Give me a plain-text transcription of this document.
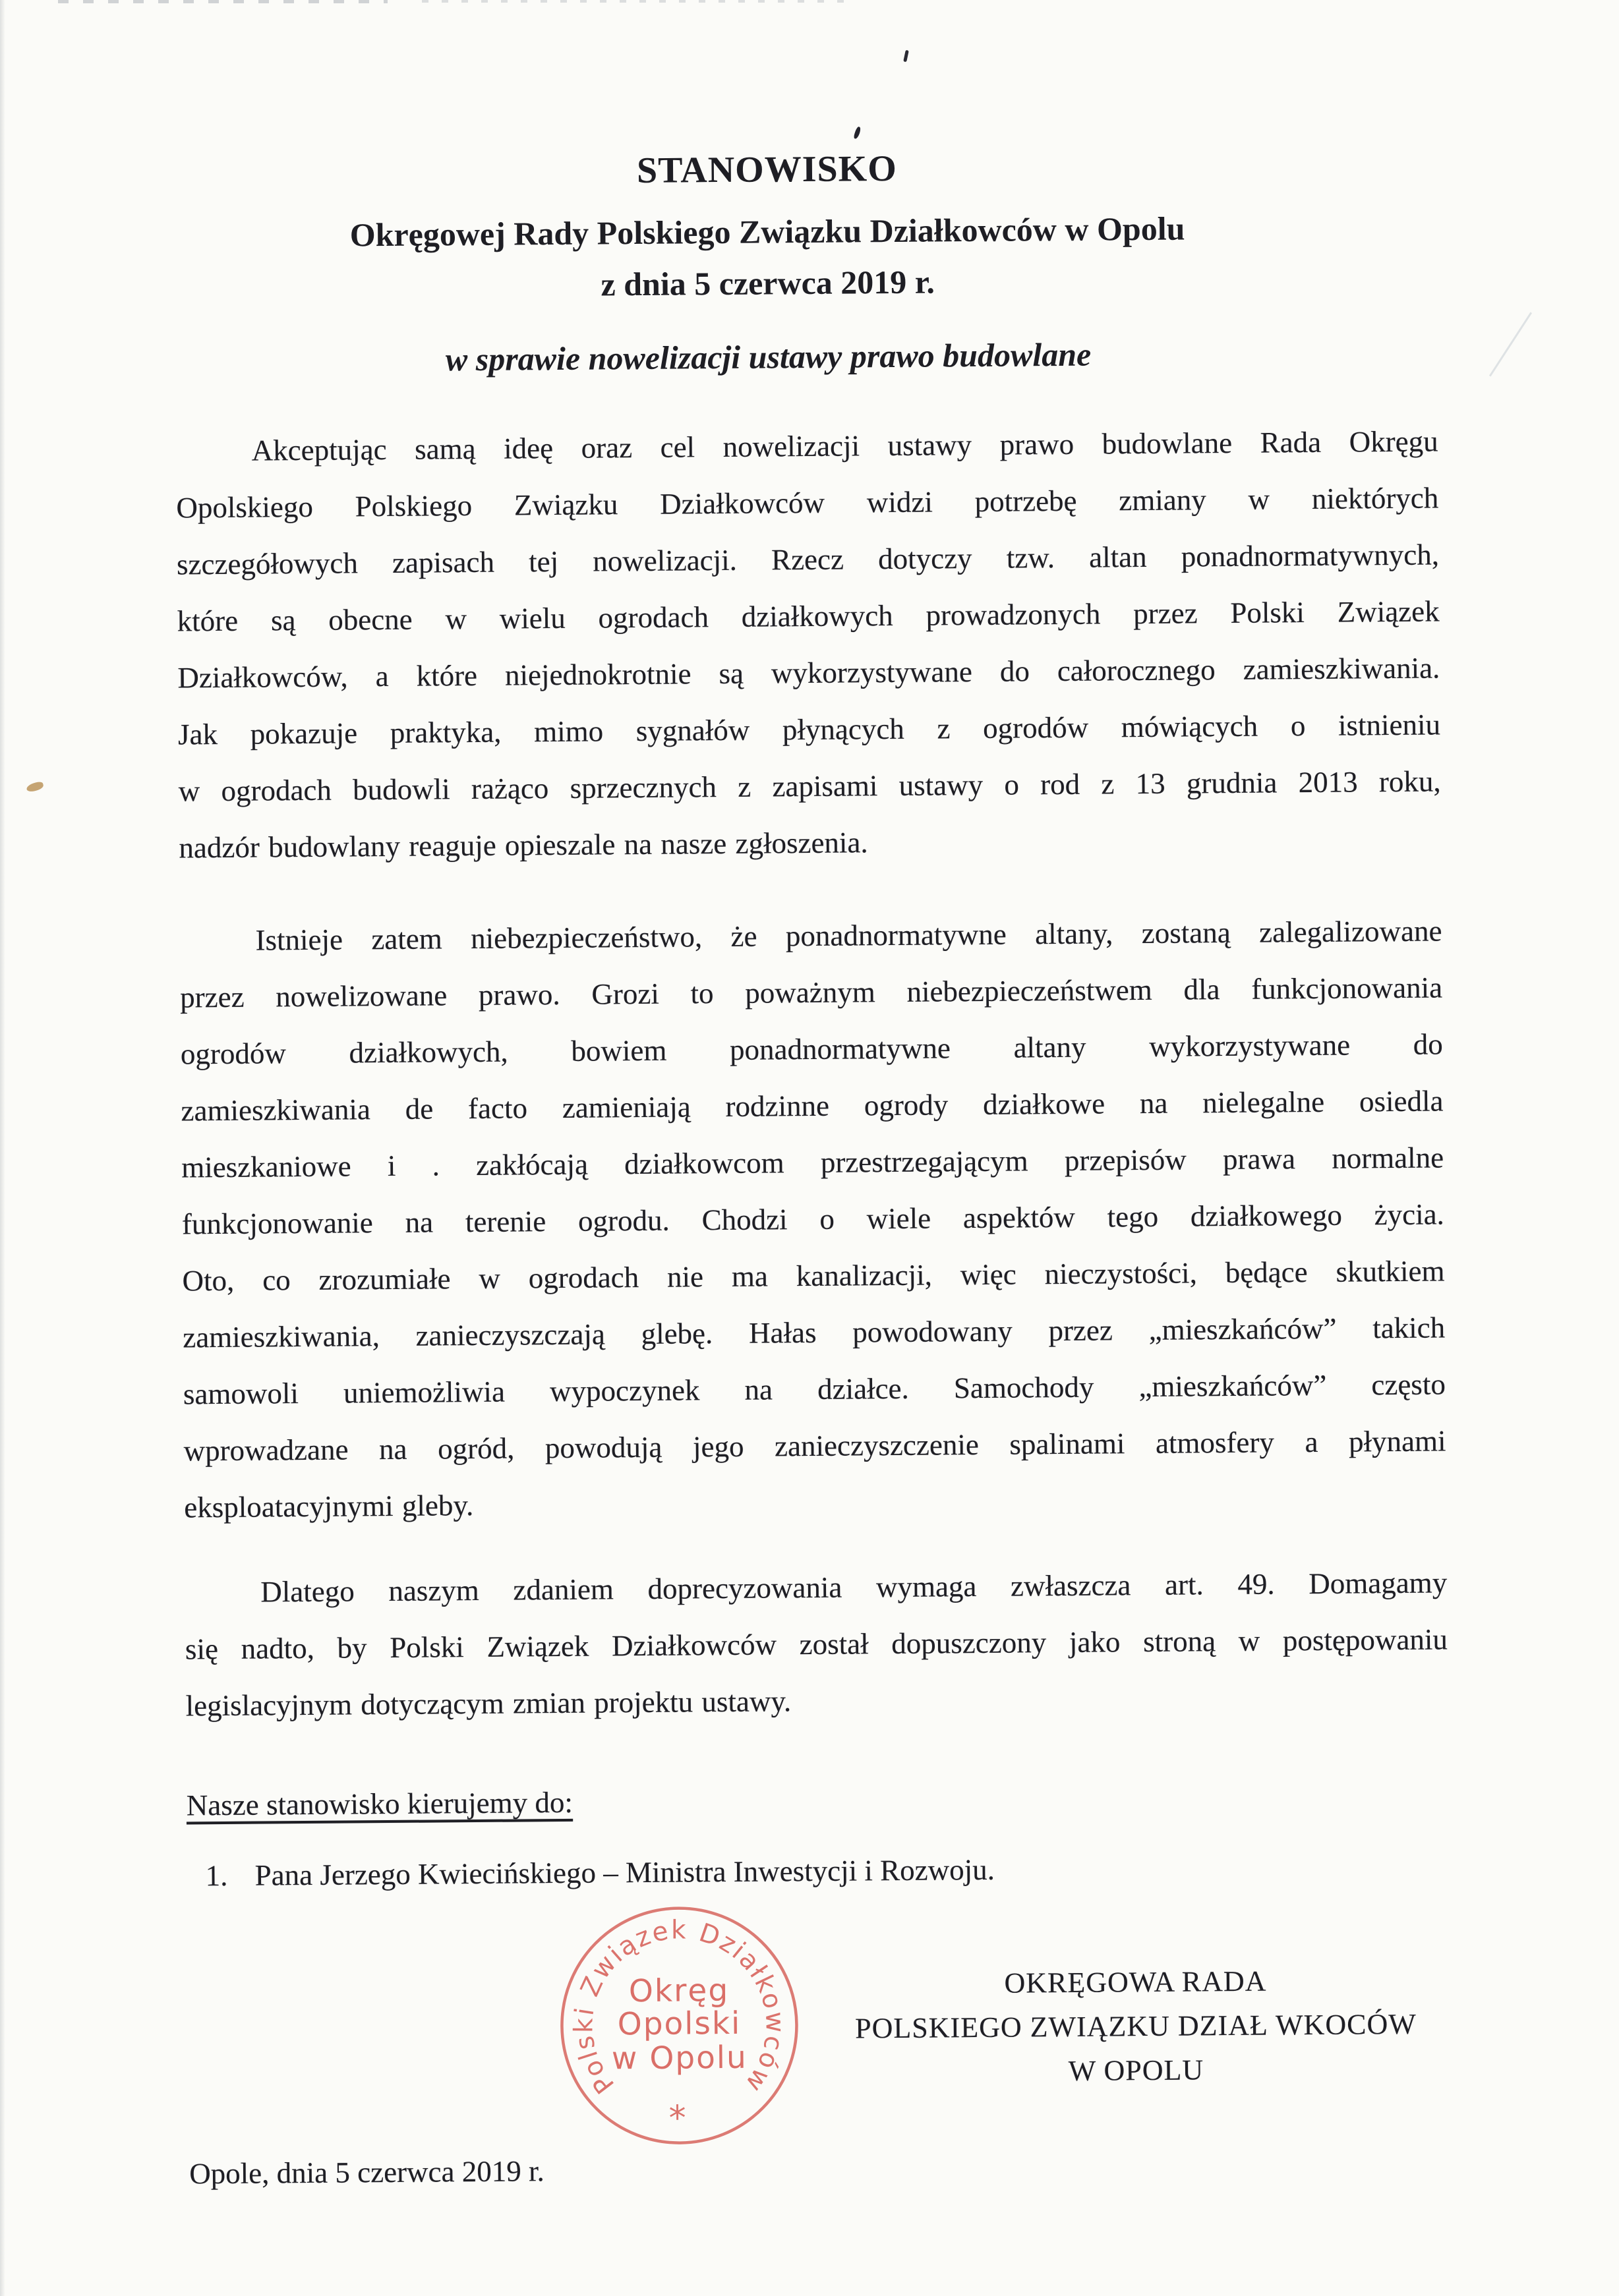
STANOWISKO
Okręgowej Rady Polskiego Związku Działkowców w Opolu
z dnia 5 czerwca 2019 r.
w sprawie nowelizacji ustawy prawo budowlane
Akceptując samą ideę oraz cel nowelizacji ustawy prawo budowlane Rada Okręgu
Opolskiego Polskiego Związku Działkowców widzi potrzebę zmiany w niektórych
szczegółowych zapisach tej nowelizacji. Rzecz dotyczy tzw. altan ponadnormatywnych,
które są obecne w wielu ogrodach działkowych prowadzonych przez Polski Związek
Działkowców, a które niejednokrotnie są wykorzystywane do całorocznego zamieszkiwania.
Jak pokazuje praktyka, mimo sygnałów płynących z ogrodów mówiących o istnieniu
w ogrodach budowli rażąco sprzecznych z zapisami ustawy o rod z 13 grudnia 2013 roku,
nadzór budowlany reaguje opieszale na nasze zgłoszenia.
Istnieje zatem niebezpieczeństwo, że ponadnormatywne altany, zostaną zalegalizowane
przez nowelizowane prawo. Grozi to poważnym niebezpieczeństwem dla funkcjonowania
ogrodów działkowych, bowiem ponadnormatywne altany wykorzystywane do
zamieszkiwania de facto zamieniają rodzinne ogrody działkowe na nielegalne osiedla
mieszkaniowe i . zakłócają działkowcom przestrzegającym przepisów prawa normalne
funkcjonowanie na terenie ogrodu. Chodzi o wiele aspektów tego działkowego życia.
Oto, co zrozumiałe w ogrodach nie ma kanalizacji, więc nieczystości, będące skutkiem
zamieszkiwania, zanieczyszczają glebę. Hałas powodowany przez „mieszkańców” takich
samowoli uniemożliwia wypoczynek na działce. Samochody „mieszkańców” często
wprowadzane na ogród, powodują jego zanieczyszczenie spalinami atmosfery a płynami
eksploatacyjnymi gleby.
Dlatego naszym zdaniem doprecyzowania wymaga zwłaszcza art. 49. Domagamy
się nadto, by Polski Związek Działkowców został dopuszczony jako stroną w postępowaniu
legislacyjnym dotyczącym zmian projektu ustawy.
Nasze stanowisko kierujemy do:
1. Pana Jerzego Kwiecińskiego – Ministra Inwestycji i Rozwoju.
Polski Związek Działkowców
Okręg
Opolski
w Opolu
*
OKRĘGOWA RADA
POLSKIEGO ZWIĄZKU DZIAŁ WKOCÓW
W OPOLU
Opole, dnia 5 czerwca 2019 r.
